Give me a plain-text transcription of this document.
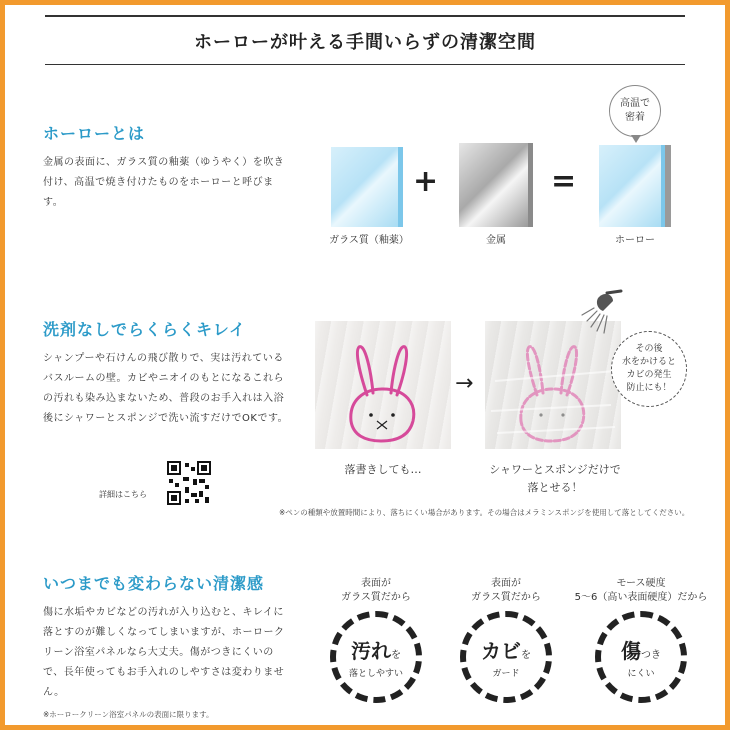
ホーローが叶える手間いらずの清潔空間
ホーローとは
金属の表面に、ガラス質の釉薬（ゆうやく）を吹き付け、高温で焼き付けたものをホーローと呼びます。
ガラス質（釉薬）
+
金属
=
ホーロー
高温で
密着
洗剤なしでらくらくキレイ
シャンプーや石けんの飛び散りで、実は汚れているバスルームの壁。カビやニオイのもとになるこれらの汚れも染み込まないため、普段のお手入れは入浴後にシャワーとスポンジで洗い流すだけでOKです。
詳細はこちら
落書きしても…
→
シャワーとスポンジだけで
落とせる！
その後
水をかけると
カビの発生
防止にも！
※ペンの種類や放置時間により、落ちにくい場合があります。その場合はメラミンスポンジを使用して落としてください。
いつまでも変わらない清潔感
傷に水垢やカビなどの汚れが入り込むと、キレイに落とすのが難しくなってしまいますが、ホーロークリーン浴室パネルなら大丈夫。傷がつきにくいので、長年使ってもお手入れのしやすさは変わりません。
※ホーロークリーン浴室パネルの表面に限ります。
表面が
ガラス質だから
汚れを
落としやすい
表面が
ガラス質だから
カビを
ガード
モース硬度
5〜6（高い表面硬度）だから
傷つき
にくい
